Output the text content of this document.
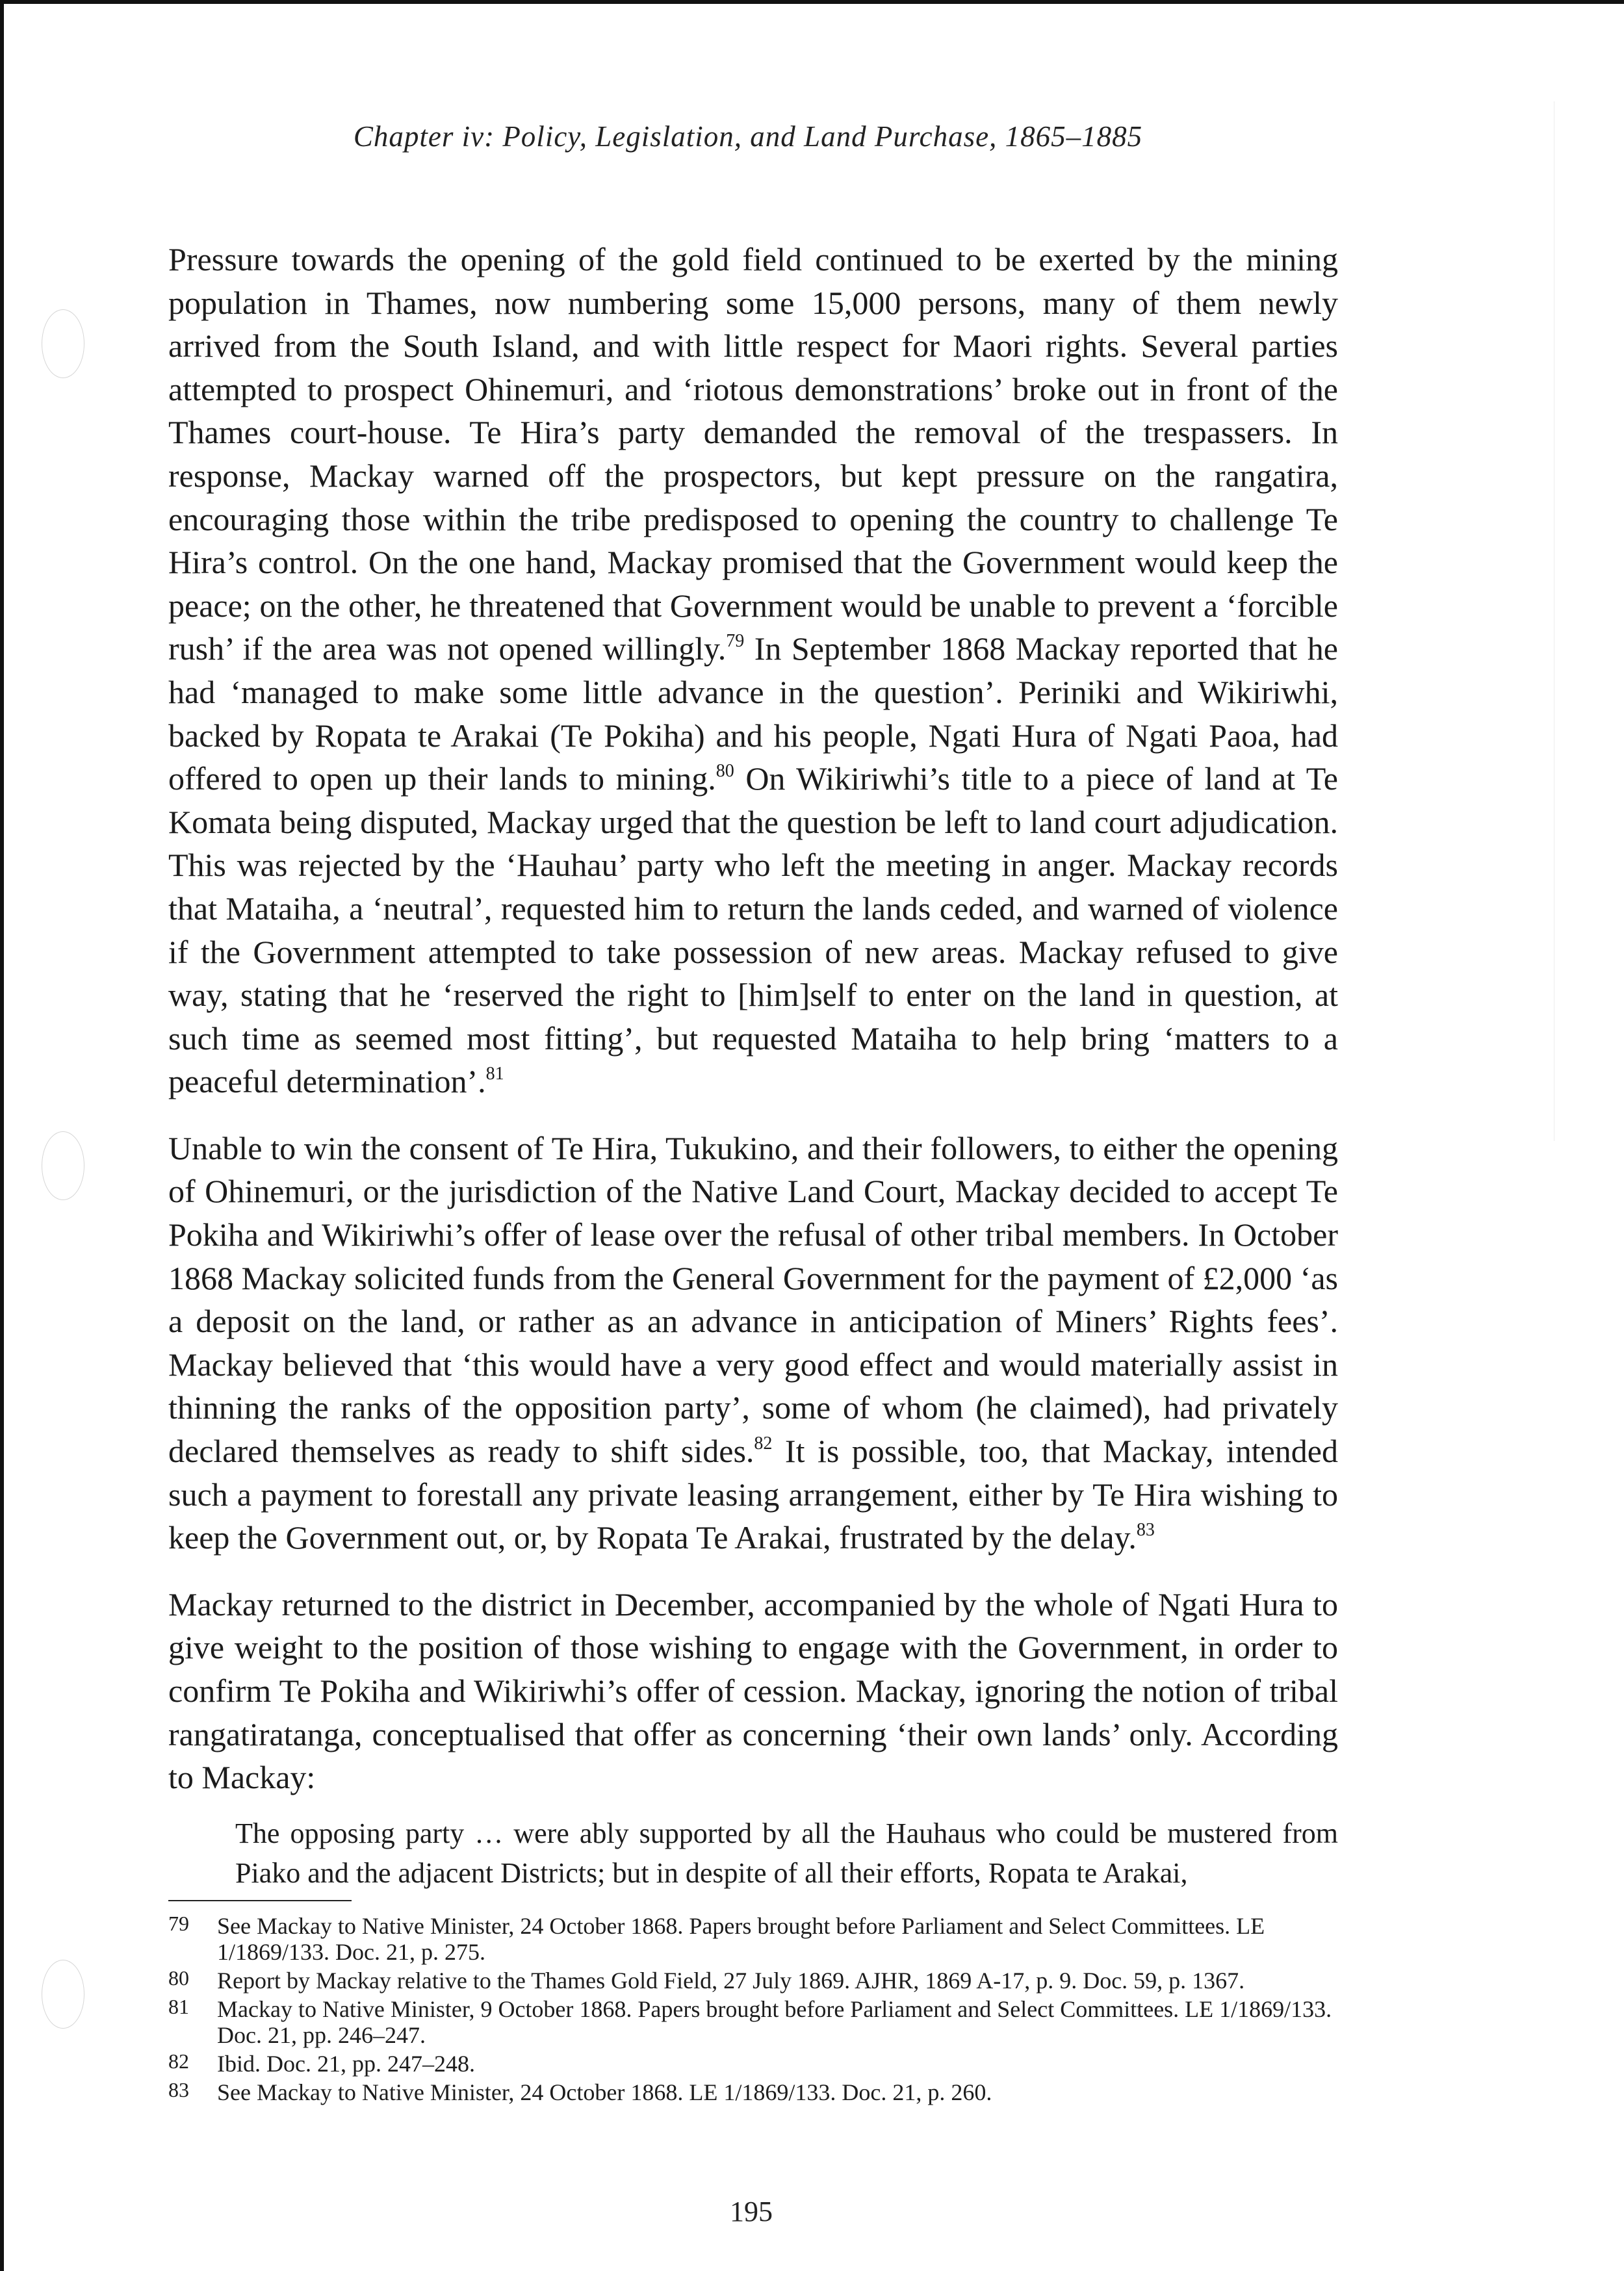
Chapter iv: Policy, Legislation, and Land Purchase, 1865–1885

Pressure towards the opening of the gold field continued to be exerted by the mining population in Thames, now numbering some 15,000 persons, many of them newly arrived from the South Island, and with little respect for Maori rights. Several parties attempted to prospect Ohinemuri, and ‘riotous demonstrations’ broke out in front of the Thames court-house. Te Hira’s party demanded the removal of the trespassers. In response, Mackay warned off the prospectors, but kept pressure on the rangatira, encouraging those within the tribe predisposed to opening the country to challenge Te Hira’s control. On the one hand, Mackay promised that the Government would keep the peace; on the other, he threatened that Government would be unable to prevent a ‘forcible rush’ if the area was not opened willingly.$^{79}$ In September 1868 Mackay reported that he had ‘managed to make some little advance in the question’. Periniki and Wikiriwhi, backed by Ropata te Arakai (Te Pokiha) and his people, Ngati Hura of Ngati Paoa, had offered to open up their lands to mining.$^{80}$ On Wikiriwhi’s title to a piece of land at Te Komata being disputed, Mackay urged that the question be left to land court adjudication. This was rejected by the ‘Hauhau’ party who left the meeting in anger. Mackay records that Mataiha, a ‘neutral’, requested him to return the lands ceded, and warned of violence if the Government attempted to take possession of new areas. Mackay refused to give way, stating that he ‘reserved the right to [him]self to enter on the land in question, at such time as seemed most fitting’, but requested Mataiha to help bring ‘matters to a peaceful determination’.$^{81}$

Unable to win the consent of Te Hira, Tukukino, and their followers, to either the opening of Ohinemuri, or the jurisdiction of the Native Land Court, Mackay decided to accept Te Pokiha and Wikiriwhi’s offer of lease over the refusal of other tribal members. In October 1868 Mackay solicited funds from the General Government for the payment of £2,000 ‘as a deposit on the land, or rather as an advance in anticipation of Miners’ Rights fees’. Mackay believed that ‘this would have a very good effect and would materially assist in thinning the ranks of the opposition party’, some of whom (he claimed), had privately declared themselves as ready to shift sides.$^{82}$ It is possible, too, that Mackay, intended such a payment to forestall any private leasing arrangement, either by Te Hira wishing to keep the Government out, or, by Ropata Te Arakai, frustrated by the delay.$^{83}$

Mackay returned to the district in December, accompanied by the whole of Ngati Hura to give weight to the position of those wishing to engage with the Government, in order to confirm Te Pokiha and Wikiriwhi’s offer of cession. Mackay, ignoring the notion of tribal rangatiratanga, conceptualised that offer as concerning ‘their own lands’ only. According to Mackay:

The opposing party … were ably supported by all the Hauhaus who could be mustered from Piako and the adjacent Districts; but in despite of all their efforts, Ropata te Arakai,

79	See Mackay to Native Minister, 24 October 1868. Papers brought before Parliament and Select Committees. LE 1/1869/133. Doc. 21, p. 275.
80	Report by Mackay relative to the Thames Gold Field, 27 July 1869. AJHR, 1869 A-17, p. 9. Doc. 59, p. 1367.
81	Mackay to Native Minister, 9 October 1868. Papers brought before Parliament and Select Committees. LE 1/1869/133. Doc. 21, pp. 246–247.
82	Ibid. Doc. 21, pp. 247–248.
83	See Mackay to Native Minister, 24 October 1868. LE 1/1869/133. Doc. 21, p. 260.
195
